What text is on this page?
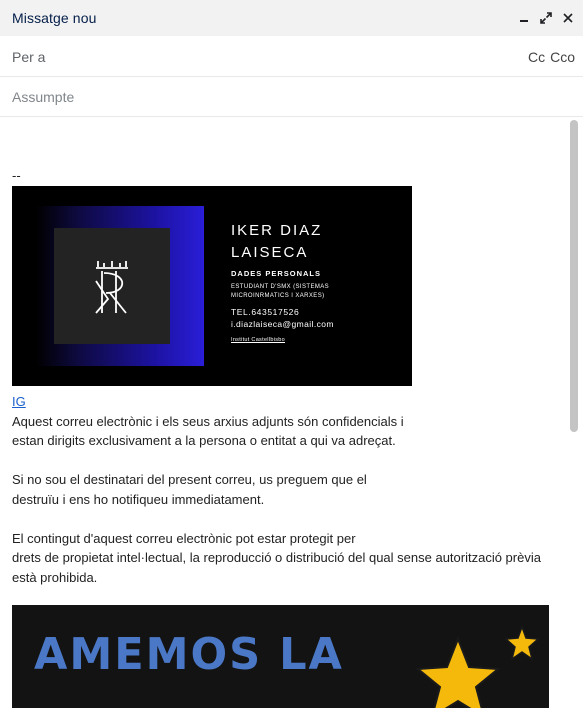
Missatge nou
Per a	Cc Cco
Assumpte
--
IKER DIAZ
LAISECA
DADES PERSONALS
ESTUDIANT D'SMX (SISTEMAS MICROINRMATICS I XARXES)
TEL.643517526
i.diazlaiseca@gmail.com
Institut Castellbisbo
IG
Aquest correu electrònic i els seus arxius adjunts són confidencials i
estan dirigits exclusivament a la persona o entitat a qui va adreçat.
Si no sou el destinatari del present correu, us preguem que el
destruïu i ens ho notifiqueu immediatament.
El contingut d'aquest correu electrònic pot estar protegit per
drets de propietat intel·lectual, la reproducció o distribució del qual sense autorització prèvia
està prohibida.
AMEMOS LA
